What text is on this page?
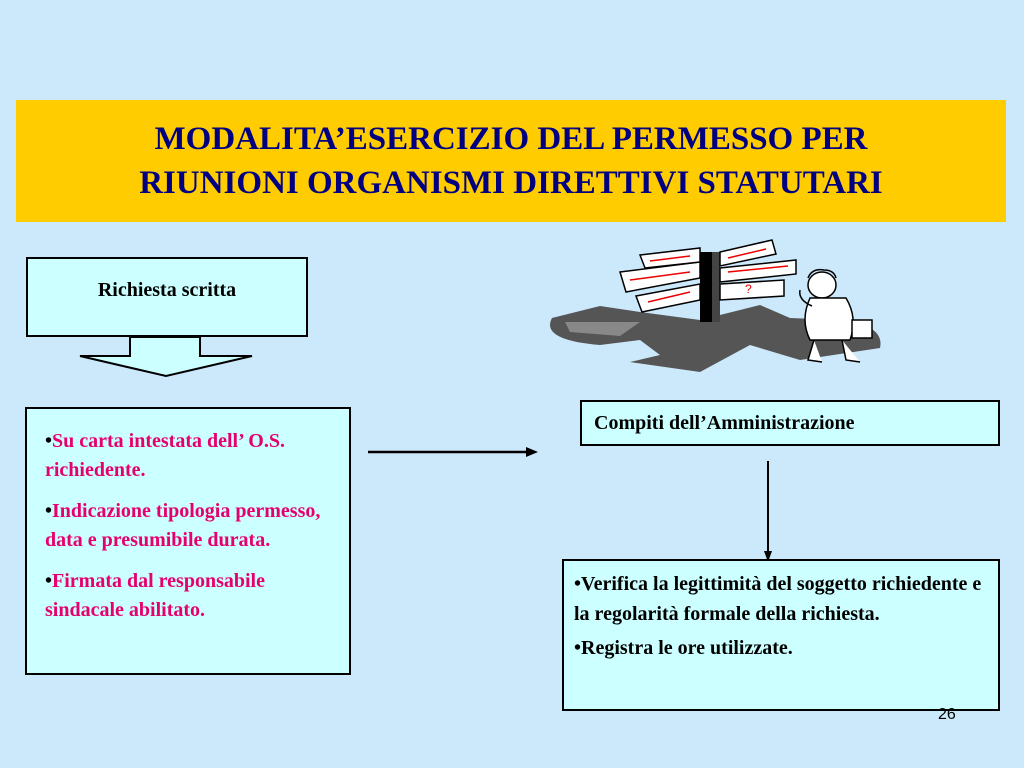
MODALITA’ESERCIZIO DEL PERMESSO PER
RIUNIONI ORGANISMI DIRETTIVI STATUTARI
Richiesta scritta	?

•Su carta intestata dell’ O.S. richiedente.

•Indicazione tipologia permesso, data e presumibile durata.

•Firmata dal responsabile sindacale abilitato.

Compiti dell’Amministrazione

•Verifica la legittimità del soggetto richiedente e la regolarità formale della richiesta.

•Registra le ore utilizzate.

26
